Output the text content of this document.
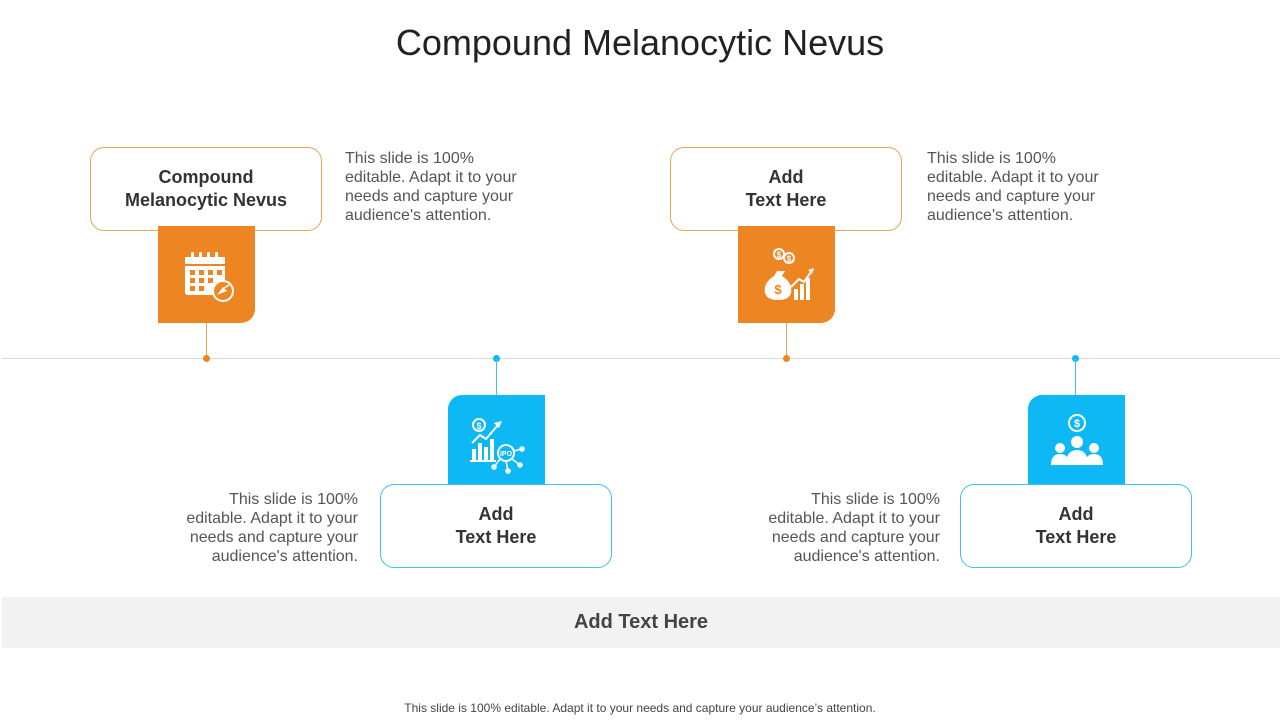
Compound Melanocytic Nevus
Compound
Melanocytic Nevus
This slide is 100% editable. Adapt it to your needs and capture your audience's attention.
$
IPO
Add
Text Here
This slide is 100% editable. Adapt it to your needs and capture your audience's attention.
Add
Text Here
$ $
$
This slide is 100% editable. Adapt it to your needs and capture your audience's attention.
$
Add
Text Here
This slide is 100% editable. Adapt it to your needs and capture your audience's attention.
Add Text Here
This slide is 100% editable. Adapt it to your needs and capture your audience’s attention.
